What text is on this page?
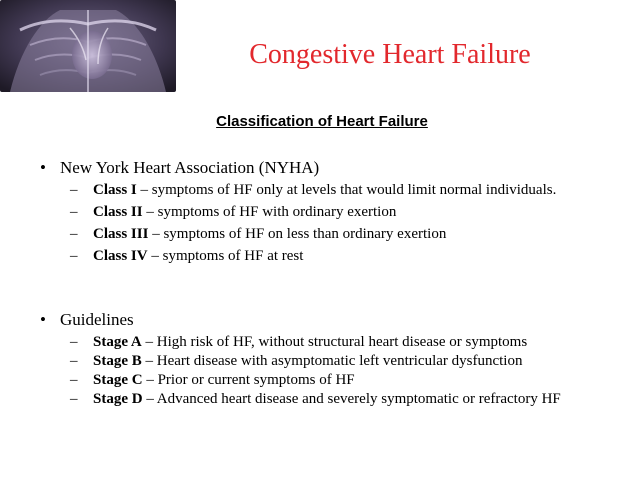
Congestive Heart Failure
Classification of Heart Failure
• New York Heart Association (NYHA)
– Class I – symptoms of HF only at levels that would limit normal individuals.
– Class II – symptoms of HF with ordinary exertion
– Class III – symptoms of HF on less than ordinary exertion
– Class IV – symptoms of HF at rest
• Guidelines
– Stage A – High risk of HF, without structural heart disease or symptoms
– Stage B – Heart disease with asymptomatic left ventricular dysfunction
– Stage C – Prior or current symptoms of HF
– Stage D – Advanced heart disease and severely symptomatic or refractory HF
